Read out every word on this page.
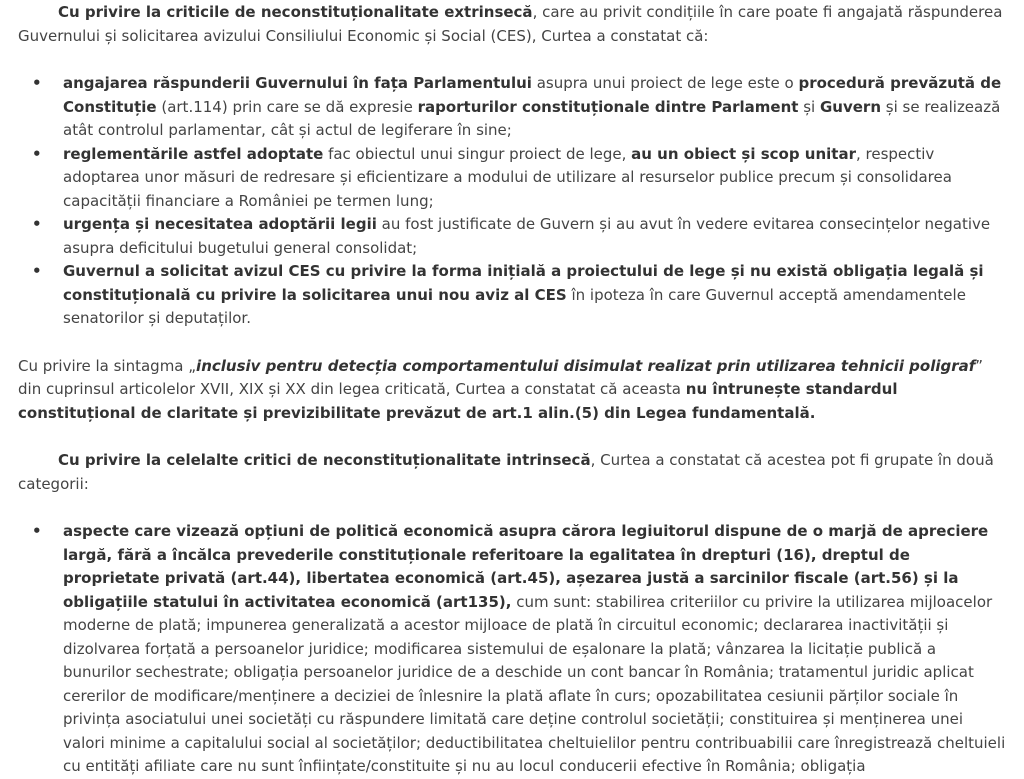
Cu privire la criticile de neconstituționalitate extrinsecă, care au privit condițiile în care poate fi angajată răspunderea Guvernului și solicitarea avizului Consiliului Economic și Social (CES), Curtea a constatat că:

• angajarea răspunderii Guvernului în fața Parlamentului asupra unui proiect de lege este o procedură prevăzută de Constituție (art.114) prin care se dă expresie raporturilor constituționale dintre Parlament și Guvern și se realizează atât controlul parlamentar, cât și actul de legiferare în sine;
• reglementările astfel adoptate fac obiectul unui singur proiect de lege, au un obiect și scop unitar, respectiv adoptarea unor măsuri de redresare și eficientizare a modului de utilizare al resurselor publice precum și consolidarea capacității financiare a României pe termen lung;
• urgența și necesitatea adoptării legii au fost justificate de Guvern și au avut în vedere evitarea consecințelor negative asupra deficitului bugetului general consolidat;
• Guvernul a solicitat avizul CES cu privire la forma inițială a proiectului de lege și nu există obligația legală și constituțională cu privire la solicitarea unui nou aviz al CES în ipoteza în care Guvernul acceptă amendamentele senatorilor și deputaților.

Cu privire la sintagma „inclusiv pentru detecția comportamentului disimulat realizat prin utilizarea tehnicii poligraf” din cuprinsul articolelor XVII, XIX și XX din legea criticată, Curtea a constatat că aceasta nu întrunește standardul constituțional de claritate și previzibilitate prevăzut de art.1 alin.(5) din Legea fundamentală.

Cu privire la celelalte critici de neconstituționalitate intrinsecă, Curtea a constatat că acestea pot fi grupate în două categorii:

• aspecte care vizează opțiuni de politică economică asupra cărora legiuitorul dispune de o marjă de apreciere largă, fără a încălca prevederile constituționale referitoare la egalitatea în drepturi (16), dreptul de proprietate privată (art.44), libertatea economică (art.45), așezarea justă a sarcinilor fiscale (art.56) și la obligațiile statului în activitatea economică (art135), cum sunt: stabilirea criteriilor cu privire la utilizarea mijloacelor moderne de plată; impunerea generalizată a acestor mijloace de plată în circuitul economic; declararea inactivității și dizolvarea forțată a persoanelor juridice; modificarea sistemului de eșalonare la plată; vânzarea la licitație publică a bunurilor sechestrate; obligația persoanelor juridice de a deschide un cont bancar în România; tratamentul juridic aplicat cererilor de modificare/menținere a deciziei de înlesnire la plată aflate în curs; opozabilitatea cesiunii părților sociale în privința asociatului unei societăți cu răspundere limitată care deține controlul societății; constituirea și menținerea unei valori minime a capitalului social al societăților; deductibilitatea cheltuielilor pentru contribuabilii care înregistrează cheltuieli cu entități afiliate care nu sunt înființate/constituite și nu au locul conducerii efective în România; obligația
